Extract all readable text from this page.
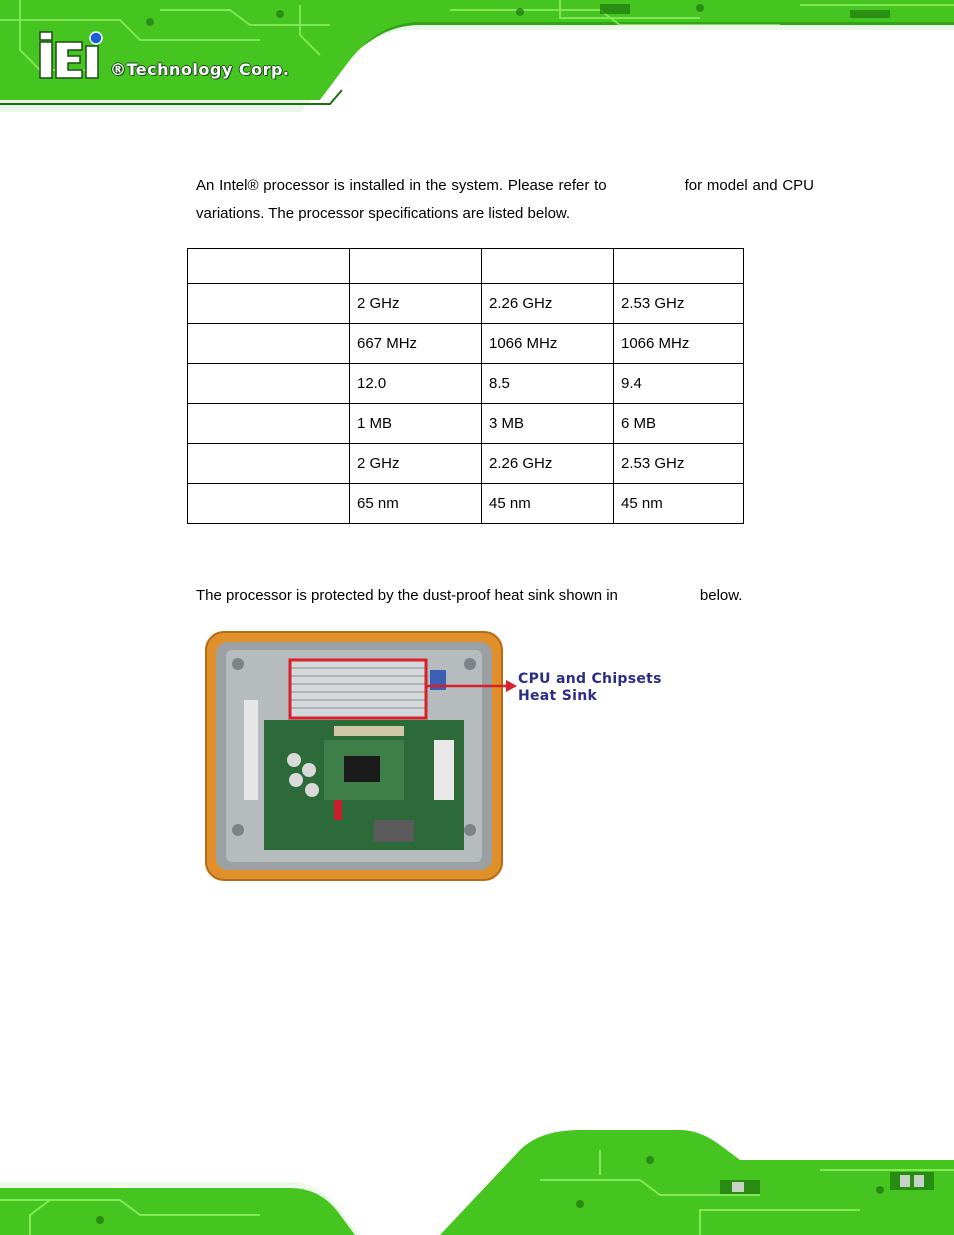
®Technology Corp.

An Intel® processor is installed in the system. Please refer to	for model and CPU variations. The processor specifications are listed below.

	2 GHz	2.26 GHz	2.53 GHz
	667 MHz	1066 MHz	1066 MHz
	12.0	8.5	9.4
	1 MB	3 MB	6 MB
	2 GHz	2.26 GHz	2.53 GHz
	65 nm	45 nm	45 nm

The processor is protected by the dust-proof heat sink shown in	below.

CPU and Chipsets
Heat Sink
